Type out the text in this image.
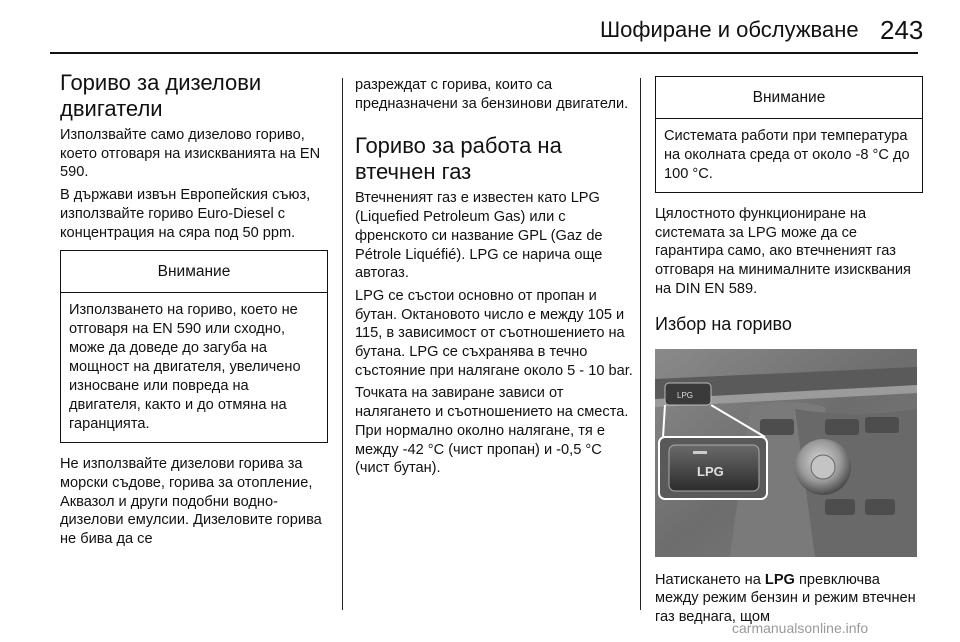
Шофиране и обслужване 243
Гориво за дизелови двигатели

Използвайте само дизелово гориво, което отговаря на изискванията на EN 590.

В държави извън Европейския съюз, използвайте гориво Euro-Diesel с концентрация на сяра под 50 ppm.

Внимание
Използването на гориво, което не отговаря на EN 590 или сходно, може да доведе до загуба на мощност на двигателя, увеличено износване или повреда на двигателя, както и до отмяна на гаранцията.

Не използвайте дизелови горива за морски съдове, горива за отопление, Аквазол и други подобни водно-дизелови емулсии. Дизеловите горива не бива да се

разреждат с горива, които са предназначени за бензинови двигатели.

Гориво за работа на втечнен газ

Втечненият газ е известен като LPG (Liquefied Petroleum Gas) или с френското си название GPL (Gaz de Pétrole Liquéfié). LPG се нарича още автогаз.

LPG се състои основно от пропан и бутан. Октановото число е между 105 и 115, в зависимост от съотношението на бутана. LPG се съхранява в течно състояние при налягане около 5 - 10 bar.

Точката на завиране зависи от налягането и съотношението на сместа. При нормално околно налягане, тя е между -42 °C (чист пропан) и -0,5 °C (чист бутан).

Внимание
Системата работи при температура на околната среда от около -8 °C до 100 °C.

Цялостното функциониране на системата за LPG може да се гарантира само, ако втечненият газ отговаря на минималните изисквания на DIN EN 589.

Избор на гориво
LPG
LPG

Натискането на LPG превключва между режим бензин и режим втечнен газ веднага, щом

carmanualsonline.info
